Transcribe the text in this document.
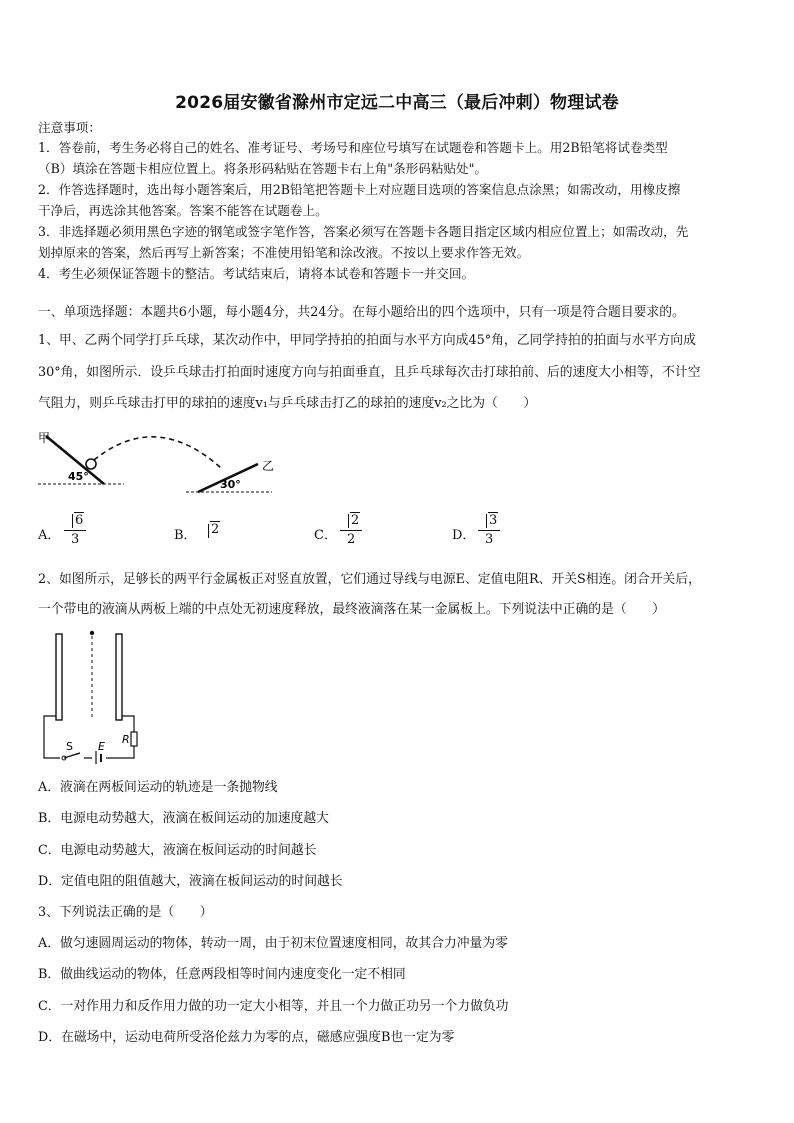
2026届安徽省滁州市定远二中高三（最后冲刺）物理试卷
注意事项：
1．答卷前，考生务必将自己的姓名、准考证号、考场号和座位号填写在试题卷和答题卡上。用2B铅笔将试卷类型
（B）填涂在答题卡相应位置上。将条形码粘贴在答题卡右上角"条形码粘贴处"。
2．作答选择题时，选出每小题答案后，用2B铅笔把答题卡上对应题目选项的答案信息点涂黑；如需改动，用橡皮擦
干净后，再选涂其他答案。答案不能答在试题卷上。
3．非选择题必须用黑色字迹的钢笔或签字笔作答，答案必须写在答题卡各题目指定区域内相应位置上；如需改动，先
划掉原来的答案，然后再写上新答案；不准使用铅笔和涂改液。不按以上要求作答无效。
4．考生必须保证答题卡的整洁。考试结束后，请将本试卷和答题卡一并交回。
一、单项选择题：本题共6小题，每小题4分，共24分。在每小题给出的四个选项中，只有一项是符合题目要求的。
1、甲、乙两个同学打乒乓球，某次动作中，甲同学持拍的拍面与水平方向成45°角，乙同学持拍的拍面与水平方向成
30°角，如图所示．设乒乓球击打拍面时速度方向与拍面垂直，且乒乓球每次击打球拍前、后的速度大小相等，不计空
气阻力，则乒乓球击打甲的球拍的速度v₁与乒乓球击打乙的球拍的速度v₂之比为（　　）
甲
乙
45°
30°
A． $\frac{6}{3}$	B．	2	C． $\frac{2}{2}$	D． $\frac{3}{3}$
2、如图所示，足够长的两平行金属板正对竖直放置，它们通过导线与电源E、定值电阻R、开关S相连。闭合开关后，
一个带电的液滴从两板上端的中点处无初速度释放，最终液滴落在某一金属板上。下列说法中正确的是（　　）
S E
R
A．液滴在两板间运动的轨迹是一条抛物线
B．电源电动势越大，液滴在板间运动的加速度越大
C．电源电动势越大，液滴在板间运动的时间越长
D．定值电阻的阻值越大，液滴在板间运动的时间越长
3、下列说法正确的是（　　）
A．做匀速圆周运动的物体，转动一周，由于初末位置速度相同，故其合力冲量为零
B．做曲线运动的物体，任意两段相等时间内速度变化一定不相同
C．一对作用力和反作用力做的功一定大小相等，并且一个力做正功另一个力做负功
D．在磁场中，运动电荷所受洛伦兹力为零的点，磁感应强度B也一定为零
